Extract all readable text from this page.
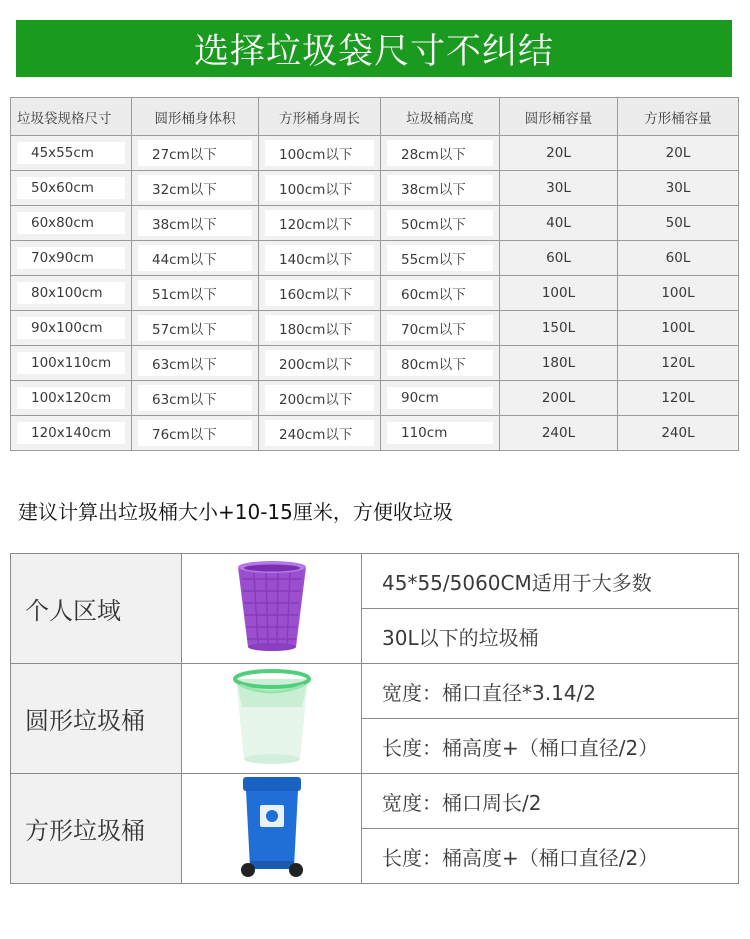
选择垃圾袋尺寸不纠结
垃圾袋规格尺寸	圆形桶身体积	方形桶身周长	垃圾桶高度	圆形桶容量	方形桶容量

45x55cm	27cm以下	100cm以下	28cm以下	20L	20L

50x60cm	32cm以下	100cm以下	38cm以下	30L	30L

60x80cm	38cm以下	120cm以下	50cm以下	40L	50L

70x90cm	44cm以下	140cm以下	55cm以下	60L	60L

80x100cm	51cm以下	160cm以下	60cm以下	100L	100L

90x100cm	57cm以下	180cm以下	70cm以下	150L	100L

100x110cm	63cm以下	200cm以下	80cm以下	180L	120L

100x120cm	63cm以下	200cm以下	90cm	200L	120L

120x140cm	76cm以下	240cm以下	110cm	240L	240L
建议计算出垃圾桶大小+10-15厘米，方便收垃圾
个人区域		45*55/5060CM适用于大多数
		30L以下的垃圾桶
圆形垃圾桶		宽度：桶口直径*3.14/2
		长度：桶高度+（桶口直径/2）
方形垃圾桶		宽度：桶口周长/2
		长度：桶高度+（桶口直径/2）
